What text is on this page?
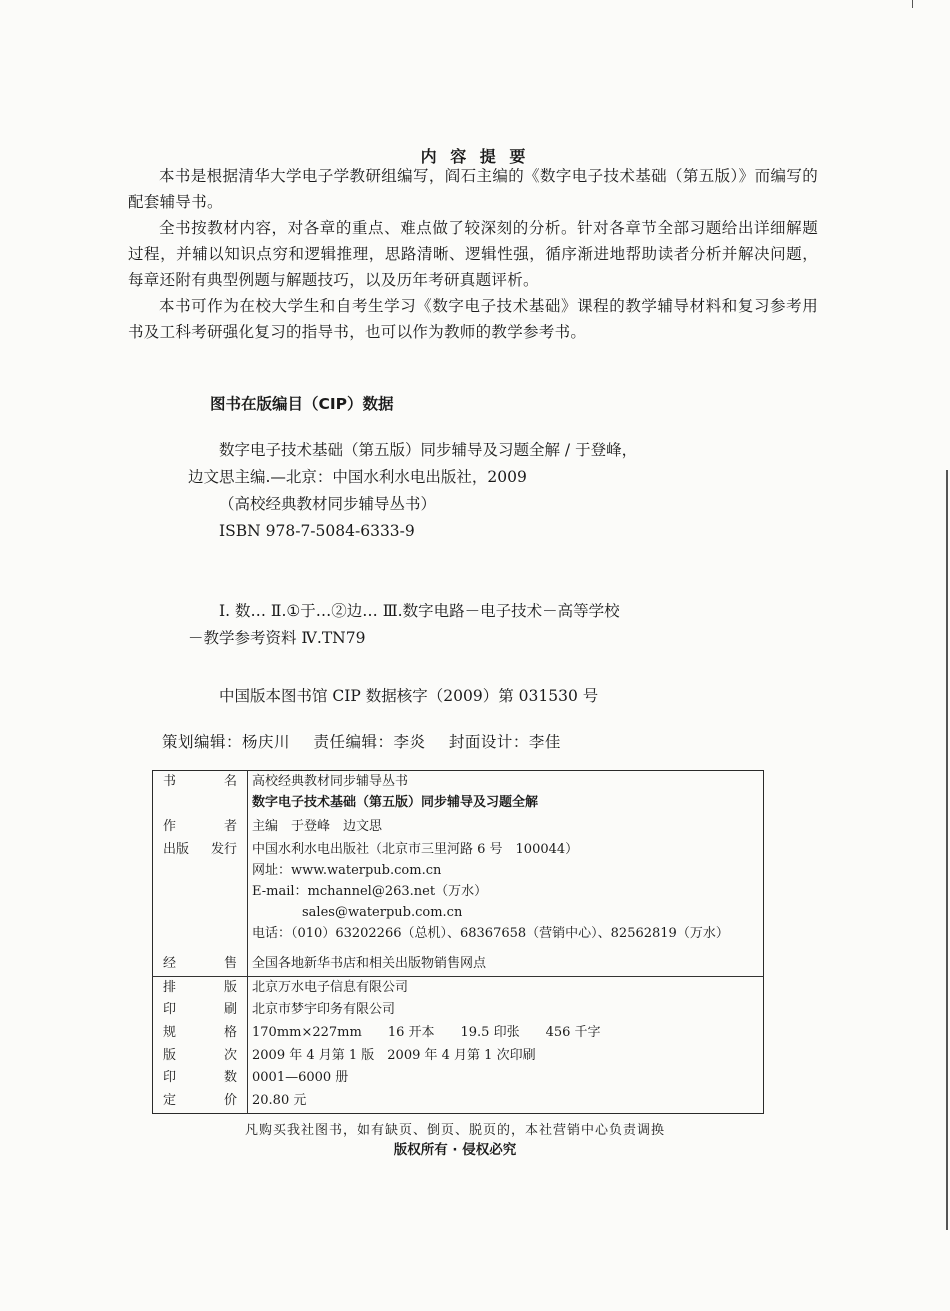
内 容 提 要

本书是根据清华大学电子学教研组编写，阎石主编的《数字电子技术基础（第五版）》而编写的配套辅导书。

全书按教材内容，对各章的重点、难点做了较深刻的分析。针对各章节全部习题给出详细解题过程，并辅以知识点穷和逻辑推理，思路清晰、逻辑性强，循序渐进地帮助读者分析并解决问题，每章还附有典型例题与解题技巧，以及历年考研真题评析。

本书可作为在校大学生和自考生学习《数字电子技术基础》课程的教学辅导材料和复习参考用书及工科考研强化复习的指导书，也可以作为教师的教学参考书。

图书在版编目（CIP）数据

数字电子技术基础（第五版）同步辅导及习题全解 / 于登峰，边文思主编.—北京：中国水利水电出版社，2009

（高校经典教材同步辅导丛书）

ISBN 978-7-5084-6333-9

Ⅰ. 数… Ⅱ.①于…②边… Ⅲ.数字电路－电子技术－高等学校－教学参考资料 Ⅳ.TN79

中国版本图书馆 CIP 数据核字（2009）第 031530 号

策划编辑：杨庆川 责任编辑：李炎 封面设计：李佳
书 名	高校经典教材同步辅导丛书
数字电子技术基础（第五版）同步辅导及习题全解

作 者	主编　于登峰　边文思

出版 发行	中国水利水电出版社（北京市三里河路 6 号　100044）
网址：www.waterpub.com.cn
E-mail：mchannel@263.net（万水）

sales@waterpub.com.cn
电话：（010）63202266（总机）、68367658（营销中心）、82562819（万水）

经 售	全国各地新华书店和相关出版物销售网点

排 版	北京万水电子信息有限公司

印 刷	北京市梦宇印务有限公司

规 格	170mm×227mm　　16 开本　　19.5 印张　　456 千字

版 次	2009 年 4 月第 1 版　2009 年 4 月第 1 次印刷

印 数	0001—6000 册

定 价	20.80 元
凡购买我社图书，如有缺页、倒页、脱页的，本社营销中心负责调换
版权所有 · 侵权必究
